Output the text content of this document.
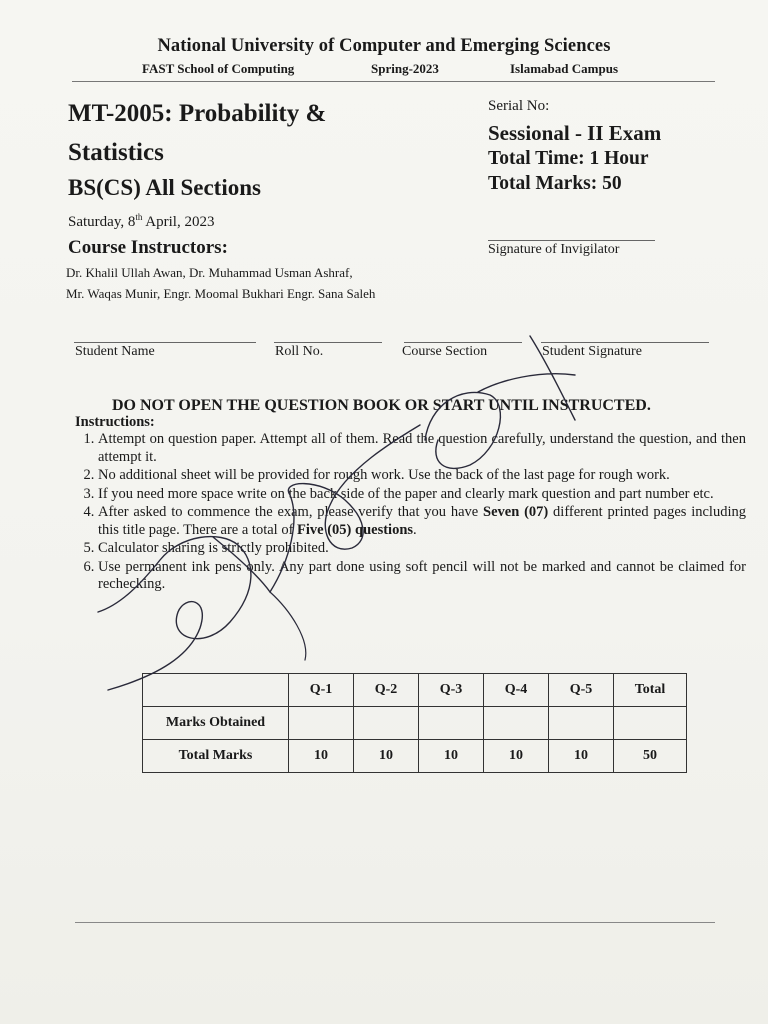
National University of Computer and Emerging Sciences
FAST School of Computing	Spring-2023	Islamabad Campus
MT-2005: Probability &
Statistics
BS(CS) All Sections
Saturday, 8th April, 2023
Course Instructors:
Dr. Khalil Ullah Awan, Dr. Muhammad Usman Ashraf,
Mr. Waqas Munir, Engr. Moomal Bukhari Engr. Sana Saleh
Serial No:
Sessional - II Exam
Total Time: 1 Hour
Total Marks: 50
Signature of Invigilator
Student Name	Roll No.	Course Section	Student Signature
DO NOT OPEN THE QUESTION BOOK OR START UNTIL INSTRUCTED.
Instructions:
1. Attempt on question paper. Attempt all of them. Read the question carefully, understand the question, and then attempt it.
2. No additional sheet will be provided for rough work. Use the back of the last page for rough work.
3. If you need more space write on the back side of the paper and clearly mark question and part number etc.
4. After asked to commence the exam, please verify that you have Seven (07) different printed pages including this title page. There are a total of Five (05) questions.
5. Calculator sharing is strictly prohibited.
6. Use permanent ink pens only. Any part done using soft pencil will not be marked and cannot be claimed for rechecking.
	Q-1	Q-2	Q-3	Q-4	Q-5	Total
Marks Obtained						
Total Marks	10	10	10	10	10	50
